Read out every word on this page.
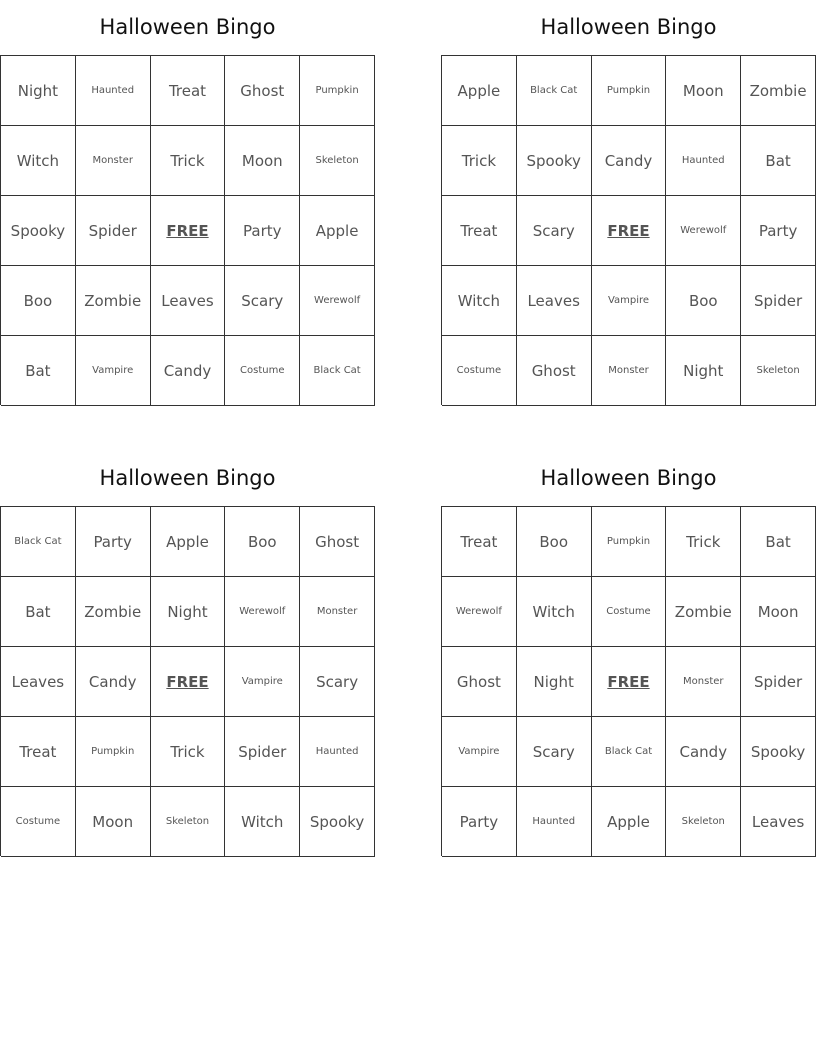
Halloween Bingo
Night	Haunted	Treat	Ghost	Pumpkin
Witch	Monster	Trick	Moon	Skeleton
Spooky	Spider	FREE	Party	Apple
Boo	Zombie	Leaves	Scary	Werewolf
Bat	Vampire	Candy	Costume	Black Cat
Halloween Bingo
Apple	Black Cat	Pumpkin	Moon	Zombie
Trick	Spooky	Candy	Haunted	Bat
Treat	Scary	FREE	Werewolf	Party
Witch	Leaves	Vampire	Boo	Spider
Costume	Ghost	Monster	Night	Skeleton
Halloween Bingo
Black Cat	Party	Apple	Boo	Ghost
Bat	Zombie	Night	Werewolf	Monster
Leaves	Candy	FREE	Vampire	Scary
Treat	Pumpkin	Trick	Spider	Haunted
Costume	Moon	Skeleton	Witch	Spooky
Halloween Bingo
Treat	Boo	Pumpkin	Trick	Bat
Werewolf	Witch	Costume	Zombie	Moon
Ghost	Night	FREE	Monster	Spider
Vampire	Scary	Black Cat	Candy	Spooky
Party	Haunted	Apple	Skeleton	Leaves
